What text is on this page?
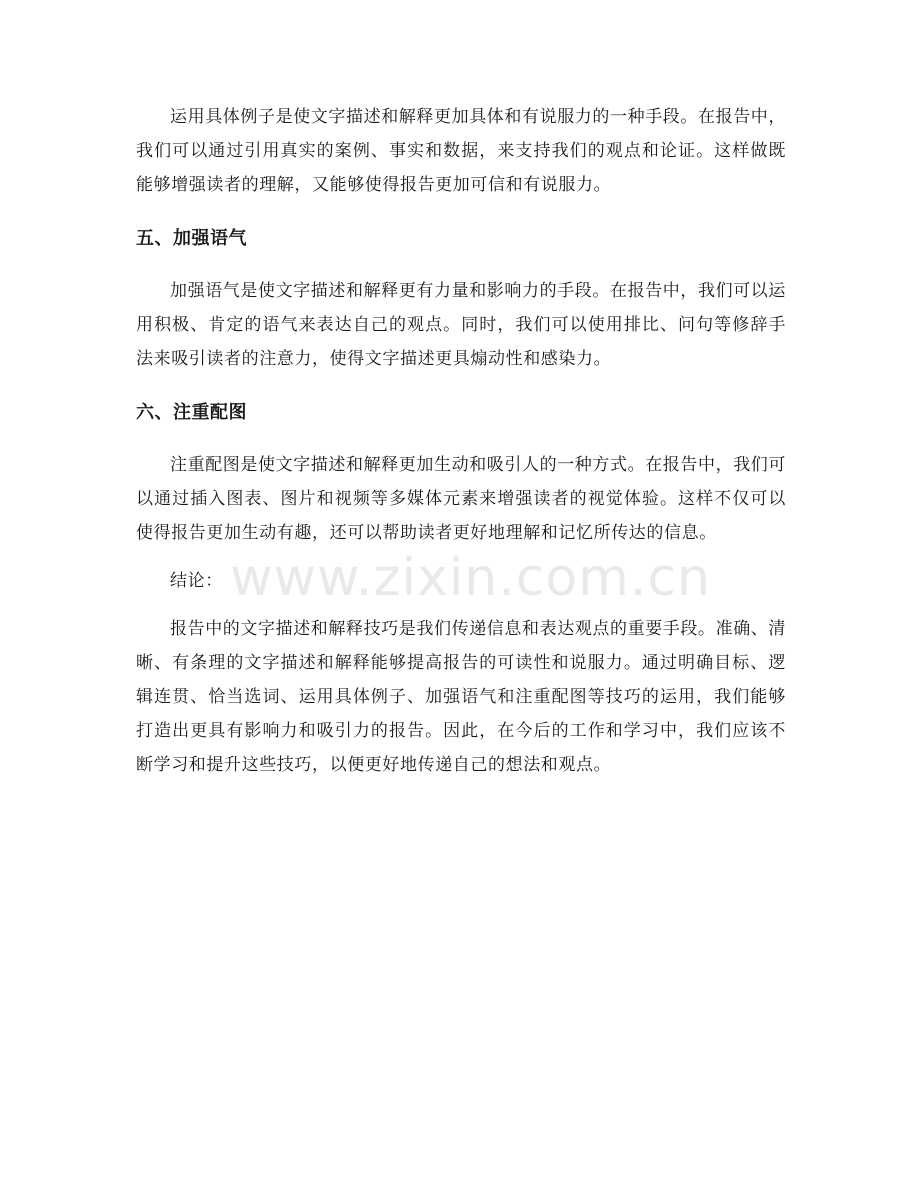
运用具体例子是使文字描述和解释更加具体和有说服力的一种手段。在报告中，我们可以通过引用真实的案例、事实和数据，来支持我们的观点和论证。这样做既能够增强读者的理解，又能够使得报告更加可信和有说服力。

五、加强语气

加强语气是使文字描述和解释更有力量和影响力的手段。在报告中，我们可以运用积极、肯定的语气来表达自己的观点。同时，我们可以使用排比、问句等修辞手法来吸引读者的注意力，使得文字描述更具煽动性和感染力。

六、注重配图

注重配图是使文字描述和解释更加生动和吸引人的一种方式。在报告中，我们可以通过插入图表、图片和视频等多媒体元素来增强读者的视觉体验。这样不仅可以使得报告更加生动有趣，还可以帮助读者更好地理解和记忆所传达的信息。

结论：

报告中的文字描述和解释技巧是我们传递信息和表达观点的重要手段。准确、清晰、有条理的文字描述和解释能够提高报告的可读性和说服力。通过明确目标、逻辑连贯、恰当选词、运用具体例子、加强语气和注重配图等技巧的运用，我们能够打造出更具有影响力和吸引力的报告。因此，在今后的工作和学习中，我们应该不断学习和提升这些技巧，以便更好地传递自己的想法和观点。

www.zixin.com.cn
